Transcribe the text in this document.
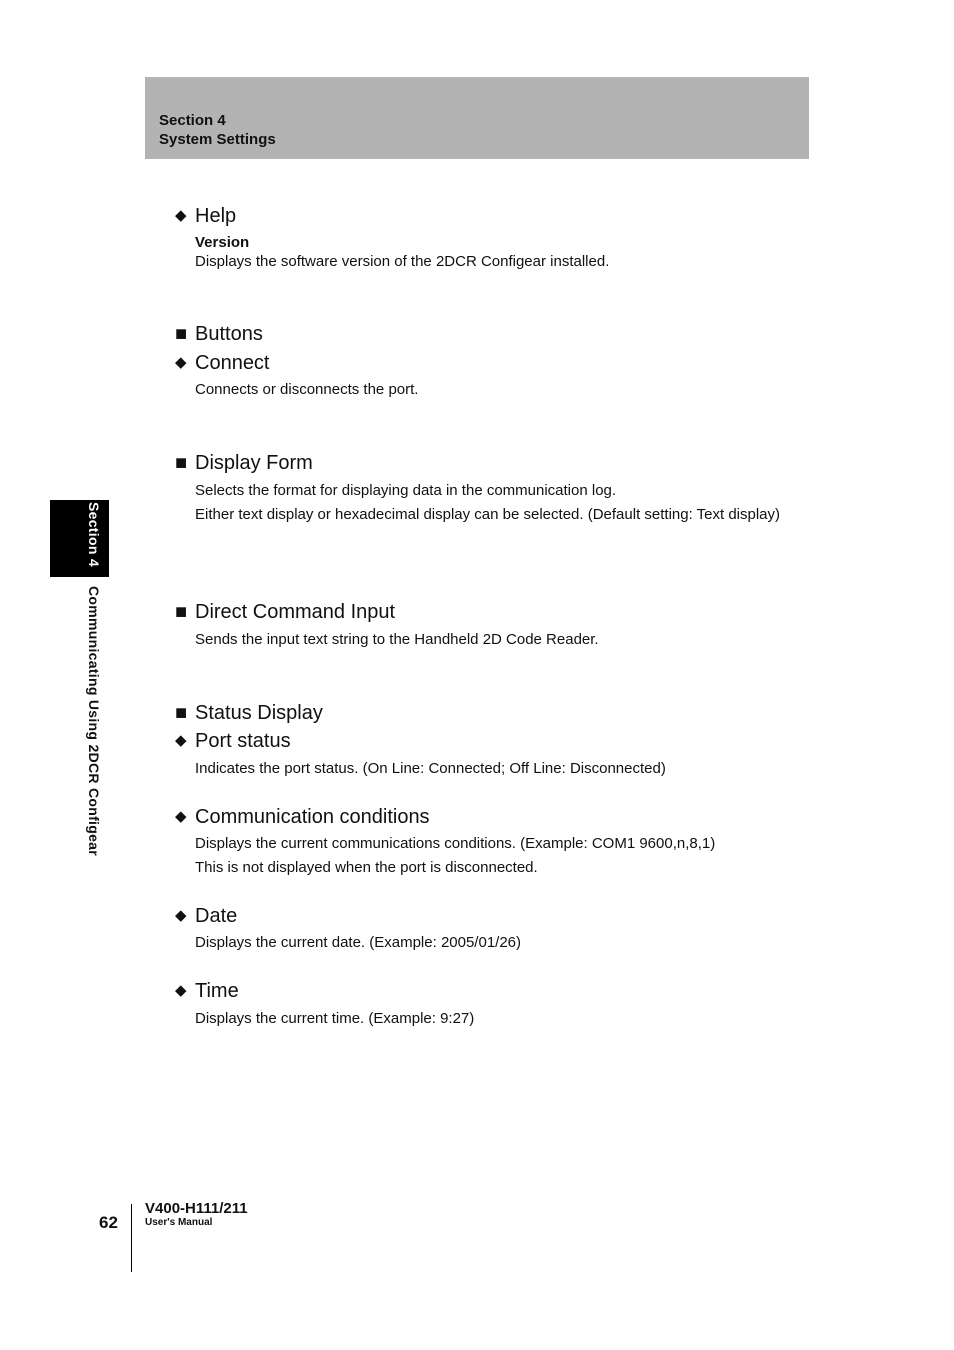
Section 4
System Settings
◆ Help
Version
Displays the software version of the 2DCR Configear installed.
■ Buttons
◆ Connect
Connects or disconnects the port.
■ Display Form
Selects the format for displaying data in the communication log.
Either text display or hexadecimal display can be selected. (Default setting: Text display)
■ Direct Command Input
Sends the input text string to the Handheld 2D Code Reader.
■ Status Display
◆ Port status
Indicates the port status. (On Line: Connected; Off Line: Disconnected)
◆ Communication conditions
Displays the current communications conditions. (Example: COM1 9600,n,8,1)
This is not displayed when the port is disconnected.
◆ Date
Displays the current date. (Example: 2005/01/26)
◆ Time
Displays the current time. (Example: 9:27)
Section 4
Communicating Using 2DCR Configear
62
V400-H111/211
User's Manual
